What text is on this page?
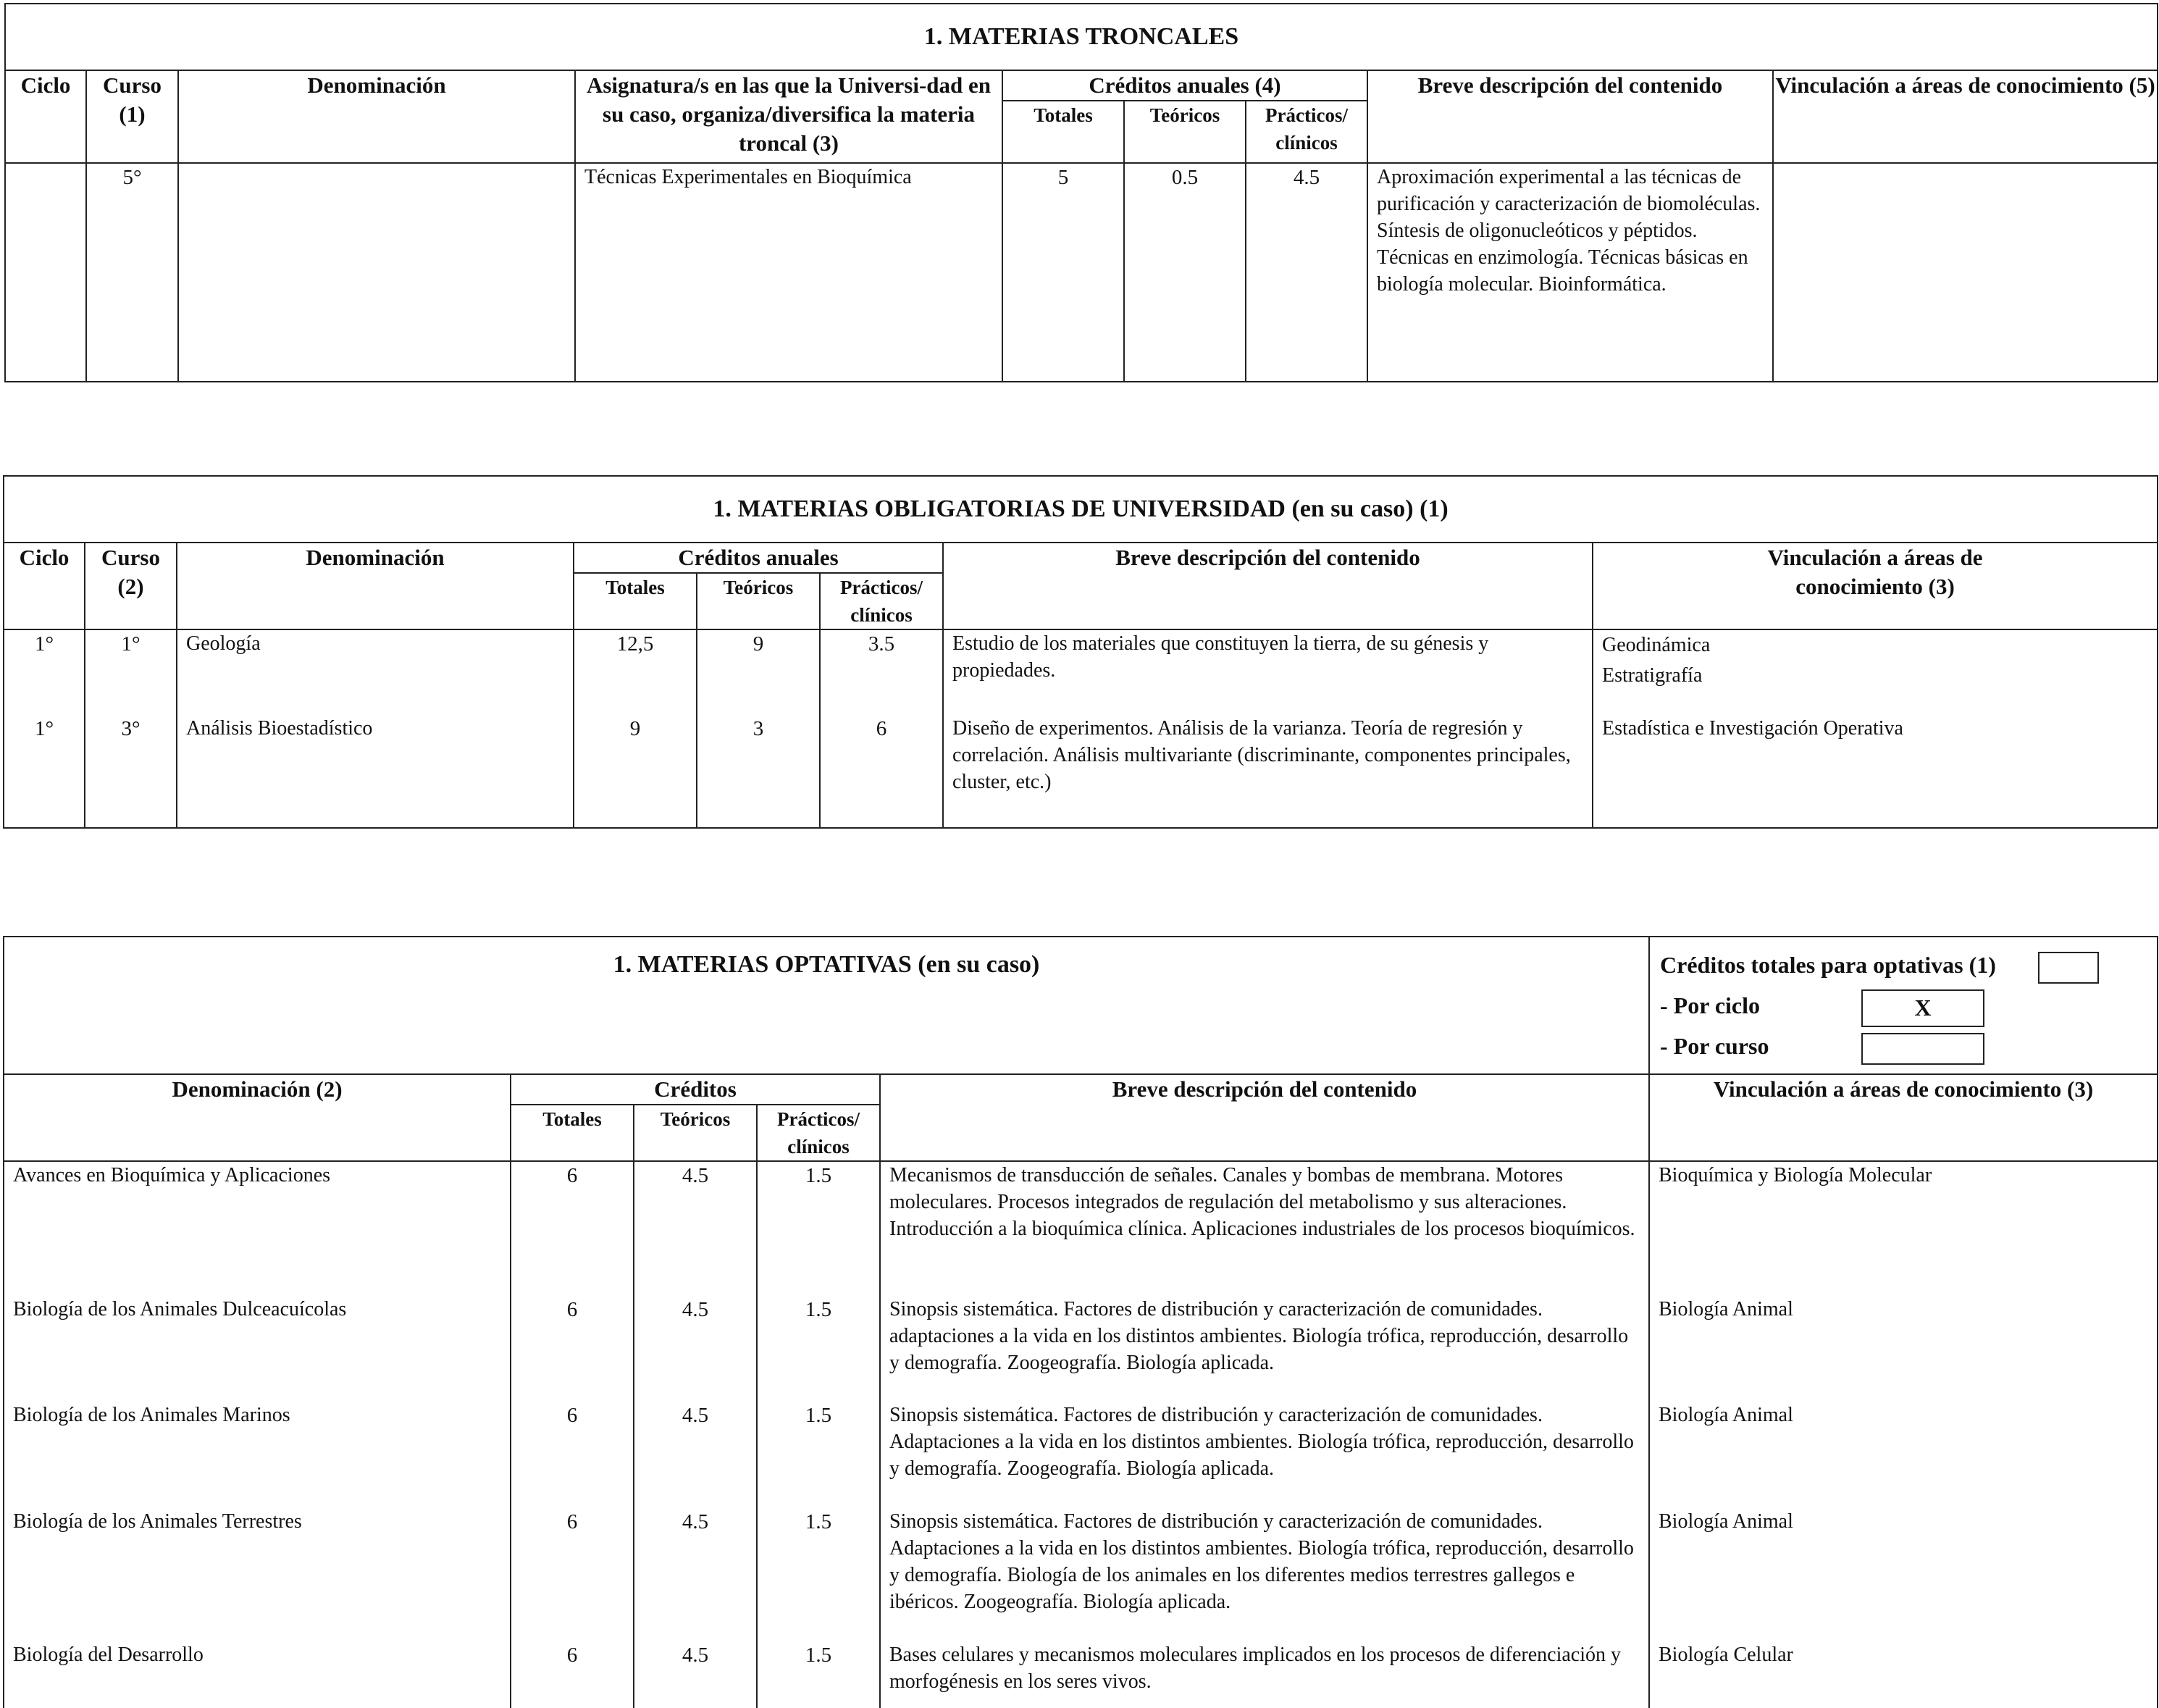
1. MATERIAS TRONCALES								
Ciclo	Curso
(1)	Denominación	Asignatura/s en las que la Universi-dad en su caso, organiza/diversifica la materia troncal (3)	Créditos anuales (4)			Breve descripción del contenido	Vinculación a áreas de conocimiento (5)
				Totales	Teóricos	Prácticos/ clínicos		
	5°		Técnicas Experimentales en Bioquímica	5	0.5	4.5	Aproximación experimental a las técnicas de purificación y caracterización de biomoléculas. Síntesis de oligonucleóticos y péptidos. Técnicas en enzimología. Técnicas básicas en biología molecular. Bioinformática.	
1. MATERIAS OBLIGATORIAS DE UNIVERSIDAD (en su caso) (1)							
Ciclo	Curso
(2)	Denominación	Créditos anuales			Breve descripción del contenido	Vinculación a áreas de conocimiento (3)
			Totales	Teóricos	Prácticos/ clínicos		
1°	1°	Geología	12,5	9	3.5	Estudio de los materiales que constituyen la tierra, de su génesis y propiedades.	Geodinámica
Estratigrafía

1°	3°	Análisis Bioestadístico	9	3	6	Diseño de experimentos. Análisis de la varianza. Teoría de regresión y correlación. Análisis multivariante (discriminante, componentes principales, cluster, etc.)	Estadística e Investigación Operativa
1. MATERIAS OPTATIVAS (en su caso)					Créditos totales para optativas (1)
- Por ciclo X
- Por curso

Denominación (2)	Créditos			Breve descripción del contenido	Vinculación a áreas de conocimiento (3)
	Totales	Teóricos	Prácticos/ clínicos		
Avances en Bioquímica y Aplicaciones	6	4.5	1.5	Mecanismos de transducción de señales. Canales y bombas de membrana. Motores moleculares. Procesos integrados de regulación del metabolismo y sus alteraciones. Introducción a la bioquímica clínica. Aplicaciones industriales de los procesos bioquímicos.	Bioquímica y Biología Molecular
Biología de los Animales Dulceacuícolas	6	4.5	1.5	Sinopsis sistemática. Factores de distribución y caracterización de comunidades. adaptaciones a la vida en los distintos ambientes. Biología trófica, reproducción, desarrollo y demografía. Zoogeografía. Biología aplicada.	Biología Animal
Biología de los Animales Marinos	6	4.5	1.5	Sinopsis sistemática. Factores de distribución y caracterización de comunidades. Adaptaciones a la vida en los distintos ambientes. Biología trófica, reproducción, desarrollo y demografía. Zoogeografía. Biología aplicada.	Biología Animal
Biología de los Animales Terrestres	6	4.5	1.5	Sinopsis sistemática. Factores de distribución y caracterización de comunidades. Adaptaciones a la vida en los distintos ambientes. Biología trófica, reproducción, desarrollo y demografía. Biología de los animales en los diferentes medios terrestres gallegos e ibéricos. Zoogeografía. Biología aplicada.	Biología Animal
Biología del Desarrollo	6	4.5	1.5	Bases celulares y mecanismos moleculares implicados en los procesos de diferenciación y morfogénesis en los seres vivos.	Biología Celular
